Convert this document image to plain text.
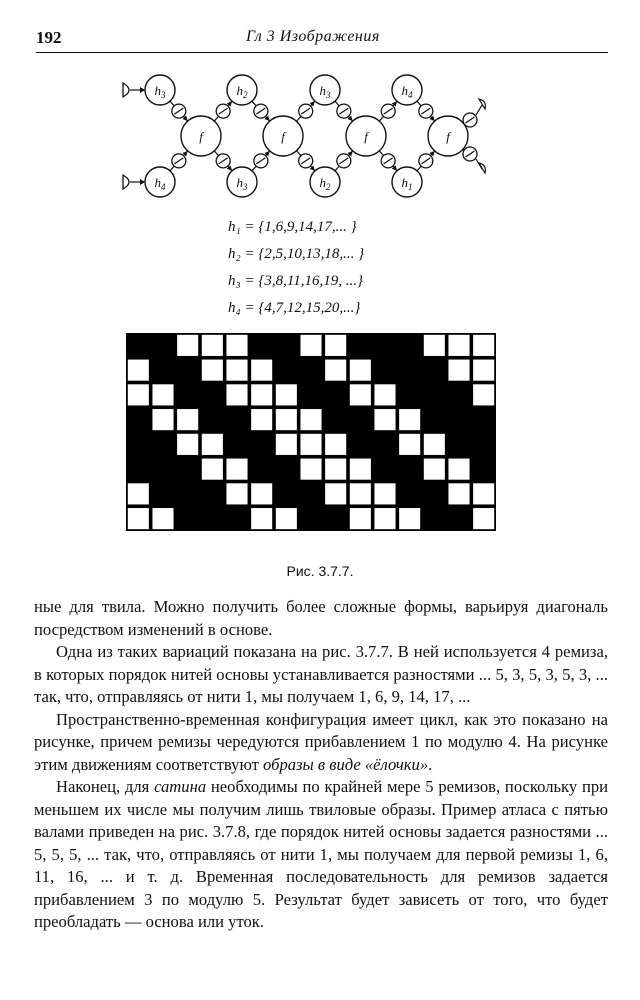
192	Гл 3 Изображения
$h_3$	$h_2$	$h_3$	$h_4$
f	f	f	f
$h_4$	$h_3$	$h_2$	$h_1$
h₁ = {1,6,9,14,17,... }
h₂ = {2,5,10,13,18,... }
h₃ = {3,8,11,16,19, ...}
h₄ = {4,7,12,15,20,...}
Рис. 3.7.7.

ные для твила. Можно получить более сложные формы, варьируя диагональ посредством изменений в основе.

Одна из таких вариаций показана на рис. 3.7.7. В ней используется 4 ремиза, в которых порядок нитей основы устанавливается разностями ... 5, 3, 5, 3, 5, 3, ... так, что, отправляясь от нити 1, мы получаем 1, 6, 9, 14, 17, ...

Пространственно-временная конфигурация имеет цикл, как это показано на рисунке, причем ремизы чередуются прибавлением 1 по модулю 4. На рисунке этим движениям соответствуют образы в виде «ёлочки».

Наконец, для сатина необходимы по крайней мере 5 ремизов, поскольку при меньшем их числе мы получим лишь твиловые образы. Пример атласа с пятью валами приведен на рис. 3.7.8, где порядок нитей основы задается разностями ... 5, 5, 5, ... так, что, отправляясь от нити 1, мы получаем для первой ремизы 1, 6, 11, 16, ... и т. д. Временная последовательность для ремизов задается прибавлением 3 по модулю 5. Результат будет зависеть от того, что будет преобладать — основа или уток.
